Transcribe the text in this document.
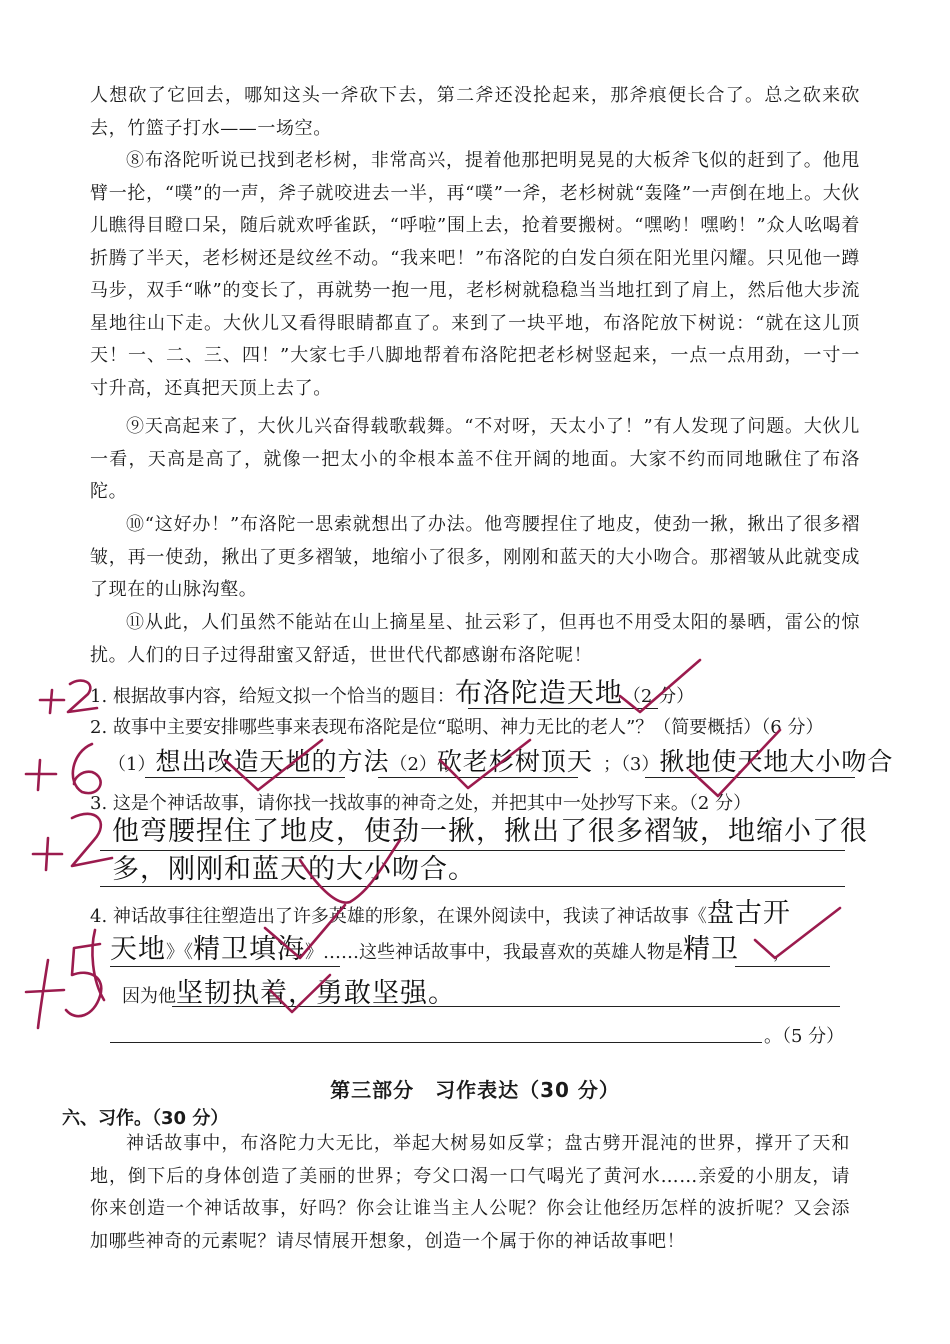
人想砍了它回去，哪知这头一斧砍下去，第二斧还没抡起来，那斧痕便长合了。总之砍来砍去，竹篮子打水——一场空。

⑧布洛陀听说已找到老杉树，非常高兴，提着他那把明晃晃的大板斧飞似的赶到了。他甩臂一抡，“噗”的一声，斧子就咬进去一半，再“噗”一斧，老杉树就“轰隆”一声倒在地上。大伙儿瞧得目瞪口呆，随后就欢呼雀跃，“呼啦”围上去，抢着要搬树。“嘿哟！嘿哟！”众人吆喝着折腾了半天，老杉树还是纹丝不动。“我来吧！”布洛陀的白发白须在阳光里闪耀。只见他一蹲马步，双手“咻”的变长了，再就势一抱一甩，老杉树就稳稳当当地扛到了肩上，然后他大步流星地往山下走。大伙儿又看得眼睛都直了。来到了一块平地，布洛陀放下树说：“就在这儿顶天！一、二、三、四！”大家七手八脚地帮着布洛陀把老杉树竖起来，一点一点用劲，一寸一寸升高，还真把天顶上去了。

⑨天高起来了，大伙儿兴奋得载歌载舞。“不对呀，天太小了！”有人发现了问题。大伙儿一看，天高是高了，就像一把太小的伞根本盖不住开阔的地面。大家不约而同地瞅住了布洛陀。

⑩“这好办！”布洛陀一思索就想出了办法。他弯腰捏住了地皮，使劲一揪，揪出了很多褶皱，再一使劲，揪出了更多褶皱，地缩小了很多，刚刚和蓝天的大小吻合。那褶皱从此就变成了现在的山脉沟壑。

⑪从此，人们虽然不能站在山上摘星星、扯云彩了，但再也不用受太阳的暴晒，雷公的惊扰。人们的日子过得甜蜜又舒适，世世代代都感谢布洛陀呢！

1. 根据故事内容，给短文拟一个恰当的题目：布洛陀造天地（2 分）
2. 故事中主要安排哪些事来表现布洛陀是位“聪明、神力无比的老人”？（简要概括）（6 分）
（1）想出改造天地的方法（2）砍老杉树顶天 ；（3）揪地使天地大小吻合
3. 这是个神话故事，请你找一找故事的神奇之处，并把其中一处抄写下来。（2 分）
他弯腰捏住了地皮，使劲一揪，揪出了很多褶皱，地缩小了很
多，刚刚和蓝天的大小吻合。
4. 神话故事往往塑造出了许多英雄的形象，在课外阅读中，我读了神话故事《盘古开
天地》《精卫填海》……这些神话故事中，我最喜欢的英雄人物是精卫 ，
因为他坚韧执着，勇敢坚强。
。（5 分）
第三部分　习作表达（30 分）
六、习作。（30 分）

神话故事中，布洛陀力大无比，举起大树易如反掌；盘古劈开混沌的世界，撑开了天和地，倒下后的身体创造了美丽的世界；夸父口渴一口气喝光了黄河水……亲爱的小朋友，请你来创造一个神话故事，好吗？你会让谁当主人公呢？你会让他经历怎样的波折呢？又会添加哪些神奇的元素呢？请尽情展开想象，创造一个属于你的神话故事吧！
